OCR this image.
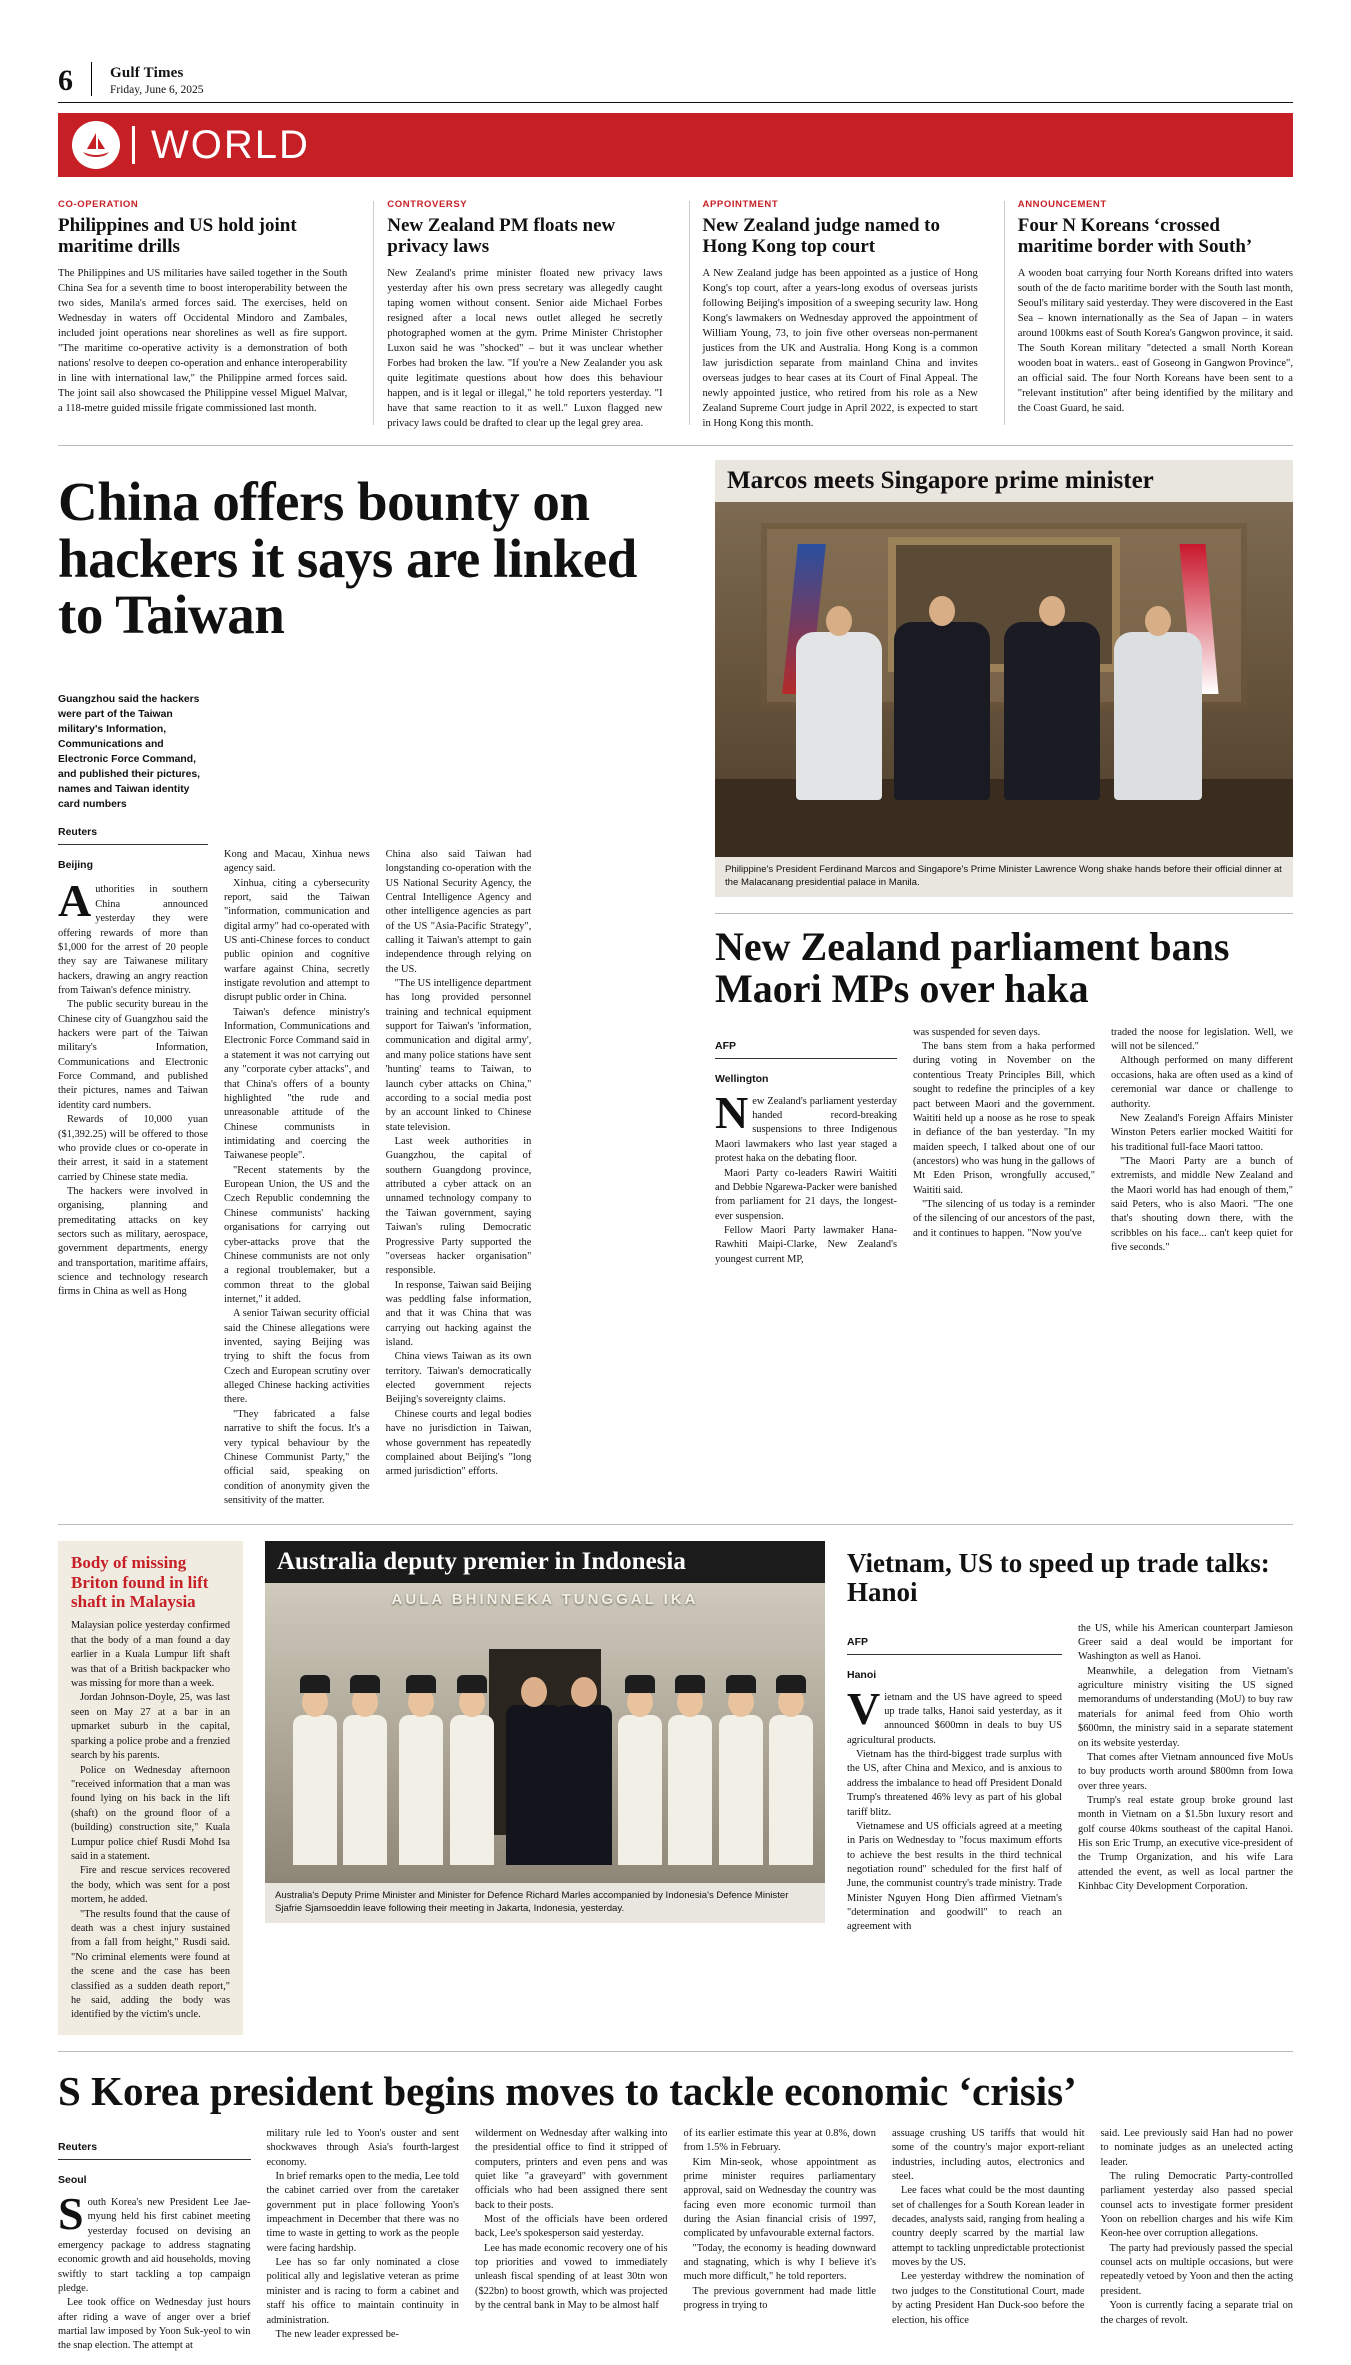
6 Gulf Times
Friday, June 6, 2025
WORLD
CO-OPERATION
Philippines and US hold joint maritime drills

The Philippines and US militaries have sailed together in the South China Sea for a seventh time to boost interoperability between the two sides, Manila's armed forces said. The exercises, held on Wednesday in waters off Occidental Mindoro and Zambales, included joint operations near shorelines as well as fire support. "The maritime co-operative activity is a demonstration of both nations' resolve to deepen co-operation and enhance interoperability in line with international law," the Philippine armed forces said. The joint sail also showcased the Philippine vessel Miguel Malvar, a 118-metre guided missile frigate commissioned last month.

CONTROVERSY
New Zealand PM floats new privacy laws

New Zealand's prime minister floated new privacy laws yesterday after his own press secretary was allegedly caught taping women without consent. Senior aide Michael Forbes resigned after a local news outlet alleged he secretly photographed women at the gym. Prime Minister Christopher Luxon said he was "shocked" – but it was unclear whether Forbes had broken the law. "If you're a New Zealander you ask quite legitimate questions about how does this behaviour happen, and is it legal or illegal," he told reporters yesterday. "I have that same reaction to it as well." Luxon flagged new privacy laws could be drafted to clear up the legal grey area.

APPOINTMENT
New Zealand judge named to Hong Kong top court

A New Zealand judge has been appointed as a justice of Hong Kong's top court, after a years-long exodus of overseas jurists following Beijing's imposition of a sweeping security law. Hong Kong's lawmakers on Wednesday approved the appointment of William Young, 73, to join five other overseas non-permanent justices from the UK and Australia. Hong Kong is a common law jurisdiction separate from mainland China and invites overseas judges to hear cases at its Court of Final Appeal. The newly appointed justice, who retired from his role as a New Zealand Supreme Court judge in April 2022, is expected to start in Hong Kong this month.

ANNOUNCEMENT
Four N Koreans ‘crossed maritime border with South’

A wooden boat carrying four North Koreans drifted into waters south of the de facto maritime border with the South last month, Seoul's military said yesterday. They were discovered in the East Sea – known internationally as the Sea of Japan – in waters around 100kms east of South Korea's Gangwon province, it said. The South Korean military "detected a small North Korean wooden boat in waters.. east of Goseong in Gangwon Province", an official said. The four North Koreans have been sent to a "relevant institution" after being identified by the military and the Coast Guard, he said.

China offers bounty on hackers it says are linked to Taiwan
Guangzhou said the hackers were part of the Taiwan military's Information, Communications and Electronic Force Command, and published their pictures, names and Taiwan identity card numbers
Reuters
Beijing

Authorities in southern China announced yesterday they were offering rewards of more than $1,000 for the arrest of 20 people they say are Taiwanese military hackers, drawing an angry reaction from Taiwan's defence ministry.

The public security bureau in the Chinese city of Guangzhou said the hackers were part of the Taiwan military's Information, Communications and Electronic Force Command, and published their pictures, names and Taiwan identity card numbers.

Rewards of 10,000 yuan ($1,392.25) will be offered to those who provide clues or co-operate in their arrest, it said in a statement carried by Chinese state media.

The hackers were involved in organising, planning and premeditating attacks on key sectors such as military, aerospace, government departments, energy and transportation, maritime affairs, science and technology research firms in China as well as Hong

Kong and Macau, Xinhua news agency said.

Xinhua, citing a cybersecurity report, said the Taiwan "information, communication and digital army" had co-operated with US anti-Chinese forces to conduct public opinion and cognitive warfare against China, secretly instigate revolution and attempt to disrupt public order in China.

Taiwan's defence ministry's Information, Communications and Electronic Force Command said in a statement it was not carrying out any "corporate cyber attacks", and that China's offers of a bounty highlighted "the rude and unreasonable attitude of the Chinese communists in intimidating and coercing the Taiwanese people".

"Recent statements by the European Union, the US and the Czech Republic condemning the Chinese communists' hacking organisations for carrying out cyber-attacks prove that the Chinese communists are not only a regional troublemaker, but a common threat to the global internet," it added.

A senior Taiwan security official said the Chinese allegations were invented, saying Beijing was trying to shift the focus from Czech and European scrutiny over alleged Chinese hacking activities there.

"They fabricated a false narrative to shift the focus. It's a very typical behaviour by the Chinese Communist Party," the official said, speaking on condition of anonymity given the sensitivity of the matter.

China also said Taiwan had longstanding co-operation with the US National Security Agency, the Central Intelligence Agency and other intelligence agencies as part of the US "Asia-Pacific Strategy", calling it Taiwan's attempt to gain independence through relying on the US.

"The US intelligence department has long provided personnel training and technical equipment support for Taiwan's 'information, communication and digital army', and many police stations have sent 'hunting' teams to Taiwan, to launch cyber attacks on China," according to a social media post by an account linked to Chinese state television.

Last week authorities in Guangzhou, the capital of southern Guangdong province, attributed a cyber attack on an unnamed technology company to the Taiwan government, saying Taiwan's ruling Democratic Progressive Party supported the "overseas hacker organisation" responsible.

In response, Taiwan said Beijing was peddling false information, and that it was China that was carrying out hacking against the island.

China views Taiwan as its own territory. Taiwan's democratically elected government rejects Beijing's sovereignty claims.

Chinese courts and legal bodies have no jurisdiction in Taiwan, whose government has repeatedly complained about Beijing's "long armed jurisdiction" efforts.

Marcos meets Singapore prime minister
Philippine's President Ferdinand Marcos and Singapore's Prime Minister Lawrence Wong shake hands before their official dinner at the Malacanang presidential palace in Manila.
New Zealand parliament bans Maori MPs over haka
AFP
Wellington

New Zealand's parliament yesterday handed record-breaking suspensions to three Indigenous Maori lawmakers who last year staged a protest haka on the debating floor.

Maori Party co-leaders Rawiri Waititi and Debbie Ngarewa-Packer were banished from parliament for 21 days, the longest-ever suspension.

Fellow Maori Party lawmaker Hana-Rawhiti Maipi-Clarke, New Zealand's youngest current MP,

was suspended for seven days.

The bans stem from a haka performed during voting in November on the contentious Treaty Principles Bill, which sought to redefine the principles of a key pact between Maori and the government. Waititi held up a noose as he rose to speak in defiance of the ban yesterday. "In my maiden speech, I talked about one of our (ancestors) who was hung in the gallows of Mt Eden Prison, wrongfully accused," Waititi said.

"The silencing of us today is a reminder of the silencing of our ancestors of the past, and it continues to happen. "Now you've

traded the noose for legislation. Well, we will not be silenced."

Although performed on many different occasions, haka are often used as a kind of ceremonial war dance or challenge to authority.

New Zealand's Foreign Affairs Minister Winston Peters earlier mocked Waititi for his traditional full-face Maori tattoo.

"The Maori Party are a bunch of extremists, and middle New Zealand and the Maori world has had enough of them," said Peters, who is also Maori. "The one that's shouting down there, with the scribbles on his face... can't keep quiet for five seconds."

Body of missing Briton found in lift shaft in Malaysia

Malaysian police yesterday confirmed that the body of a man found a day earlier in a Kuala Lumpur lift shaft was that of a British backpacker who was missing for more than a week.

Jordan Johnson-Doyle, 25, was last seen on May 27 at a bar in an upmarket suburb in the capital, sparking a police probe and a frenzied search by his parents.

Police on Wednesday afternoon "received information that a man was found lying on his back in the lift (shaft) on the ground floor of a (building) construction site," Kuala Lumpur police chief Rusdi Mohd Isa said in a statement.

Fire and rescue services recovered the body, which was sent for a post mortem, he added.

"The results found that the cause of death was a chest injury sustained from a fall from height," Rusdi said. "No criminal elements were found at the scene and the case has been classified as a sudden death report," he said, adding the body was identified by the victim's uncle.

Australia deputy premier in Indonesia
AULA BHINNEKA TUNGGAL IKA
Australia's Deputy Prime Minister and Minister for Defence Richard Marles accompanied by Indonesia's Defence Minister Sjafrie Sjamsoeddin leave following their meeting in Jakarta, Indonesia, yesterday.
Vietnam, US to speed up trade talks: Hanoi
AFP
Hanoi

Vietnam and the US have agreed to speed up trade talks, Hanoi said yesterday, as it announced $600mn in deals to buy US agricultural products.

Vietnam has the third-biggest trade surplus with the US, after China and Mexico, and is anxious to address the imbalance to head off President Donald Trump's threatened 46% levy as part of his global tariff blitz.

Vietnamese and US officials agreed at a meeting in Paris on Wednesday to "focus maximum efforts to achieve the best results in the third technical negotiation round" scheduled for the first half of June, the communist country's trade ministry. Trade Minister Nguyen Hong Dien affirmed Vietnam's "determination and goodwill" to reach an agreement with

the US, while his American counterpart Jamieson Greer said a deal would be important for Washington as well as Hanoi.

Meanwhile, a delegation from Vietnam's agriculture ministry visiting the US signed memorandums of understanding (MoU) to buy raw materials for animal feed from Ohio worth $600mn, the ministry said in a separate statement on its website yesterday.

That comes after Vietnam announced five MoUs to buy products worth around $800mn from Iowa over three years.

Trump's real estate group broke ground last month in Vietnam on a $1.5bn luxury resort and golf course 40kms southeast of the capital Hanoi. His son Eric Trump, an executive vice-president of the Trump Organization, and his wife Lara attended the event, as well as local partner the Kinhbac City Development Corporation.

S Korea president begins moves to tackle economic ‘crisis’
Reuters
Seoul

South Korea's new President Lee Jae-myung held his first cabinet meeting yesterday focused on devising an emergency package to address stagnating economic growth and aid households, moving swiftly to start tackling a top campaign pledge.

Lee took office on Wednesday just hours after riding a wave of anger over a brief martial law imposed by Yoon Suk-yeol to win the snap election. The attempt at

military rule led to Yoon's ouster and sent shockwaves through Asia's fourth-largest economy.

In brief remarks open to the media, Lee told the cabinet carried over from the caretaker government put in place following Yoon's impeachment in December that there was no time to waste in getting to work as the people were facing hardship.

Lee has so far only nominated a close political ally and legislative veteran as prime minister and is racing to form a cabinet and staff his office to maintain continuity in administration.

The new leader expressed be-

wilderment on Wednesday after walking into the presidential office to find it stripped of computers, printers and even pens and was quiet like "a graveyard" with government officials who had been assigned there sent back to their posts.

Most of the officials have been ordered back, Lee's spokesperson said yesterday.

Lee has made economic recovery one of his top priorities and vowed to immediately unleash fiscal spending of at least 30tn won ($22bn) to boost growth, which was projected by the central bank in May to be almost half

of its earlier estimate this year at 0.8%, down from 1.5% in February.

Kim Min-seok, whose appointment as prime minister requires parliamentary approval, said on Wednesday the country was facing even more economic turmoil than during the Asian financial crisis of 1997, complicated by unfavourable external factors.

"Today, the economy is heading downward and stagnating, which is why I believe it's much more difficult," he told reporters.

The previous government had made little progress in trying to

assuage crushing US tariffs that would hit some of the country's major export-reliant industries, including autos, electronics and steel.

Lee faces what could be the most daunting set of challenges for a South Korean leader in decades, analysts said, ranging from healing a country deeply scarred by the martial law attempt to tackling unpredictable protectionist moves by the US.

Lee yesterday withdrew the nomination of two judges to the Constitutional Court, made by acting President Han Duck-soo before the election, his office

said. Lee previously said Han had no power to nominate judges as an unelected acting leader.

The ruling Democratic Party-controlled parliament yesterday also passed special counsel acts to investigate former president Yoon on rebellion charges and his wife Kim Keon-hee over corruption allegations.

The party had previously passed the special counsel acts on multiple occasions, but were repeatedly vetoed by Yoon and then the acting president.

Yoon is currently facing a separate trial on the charges of revolt.
